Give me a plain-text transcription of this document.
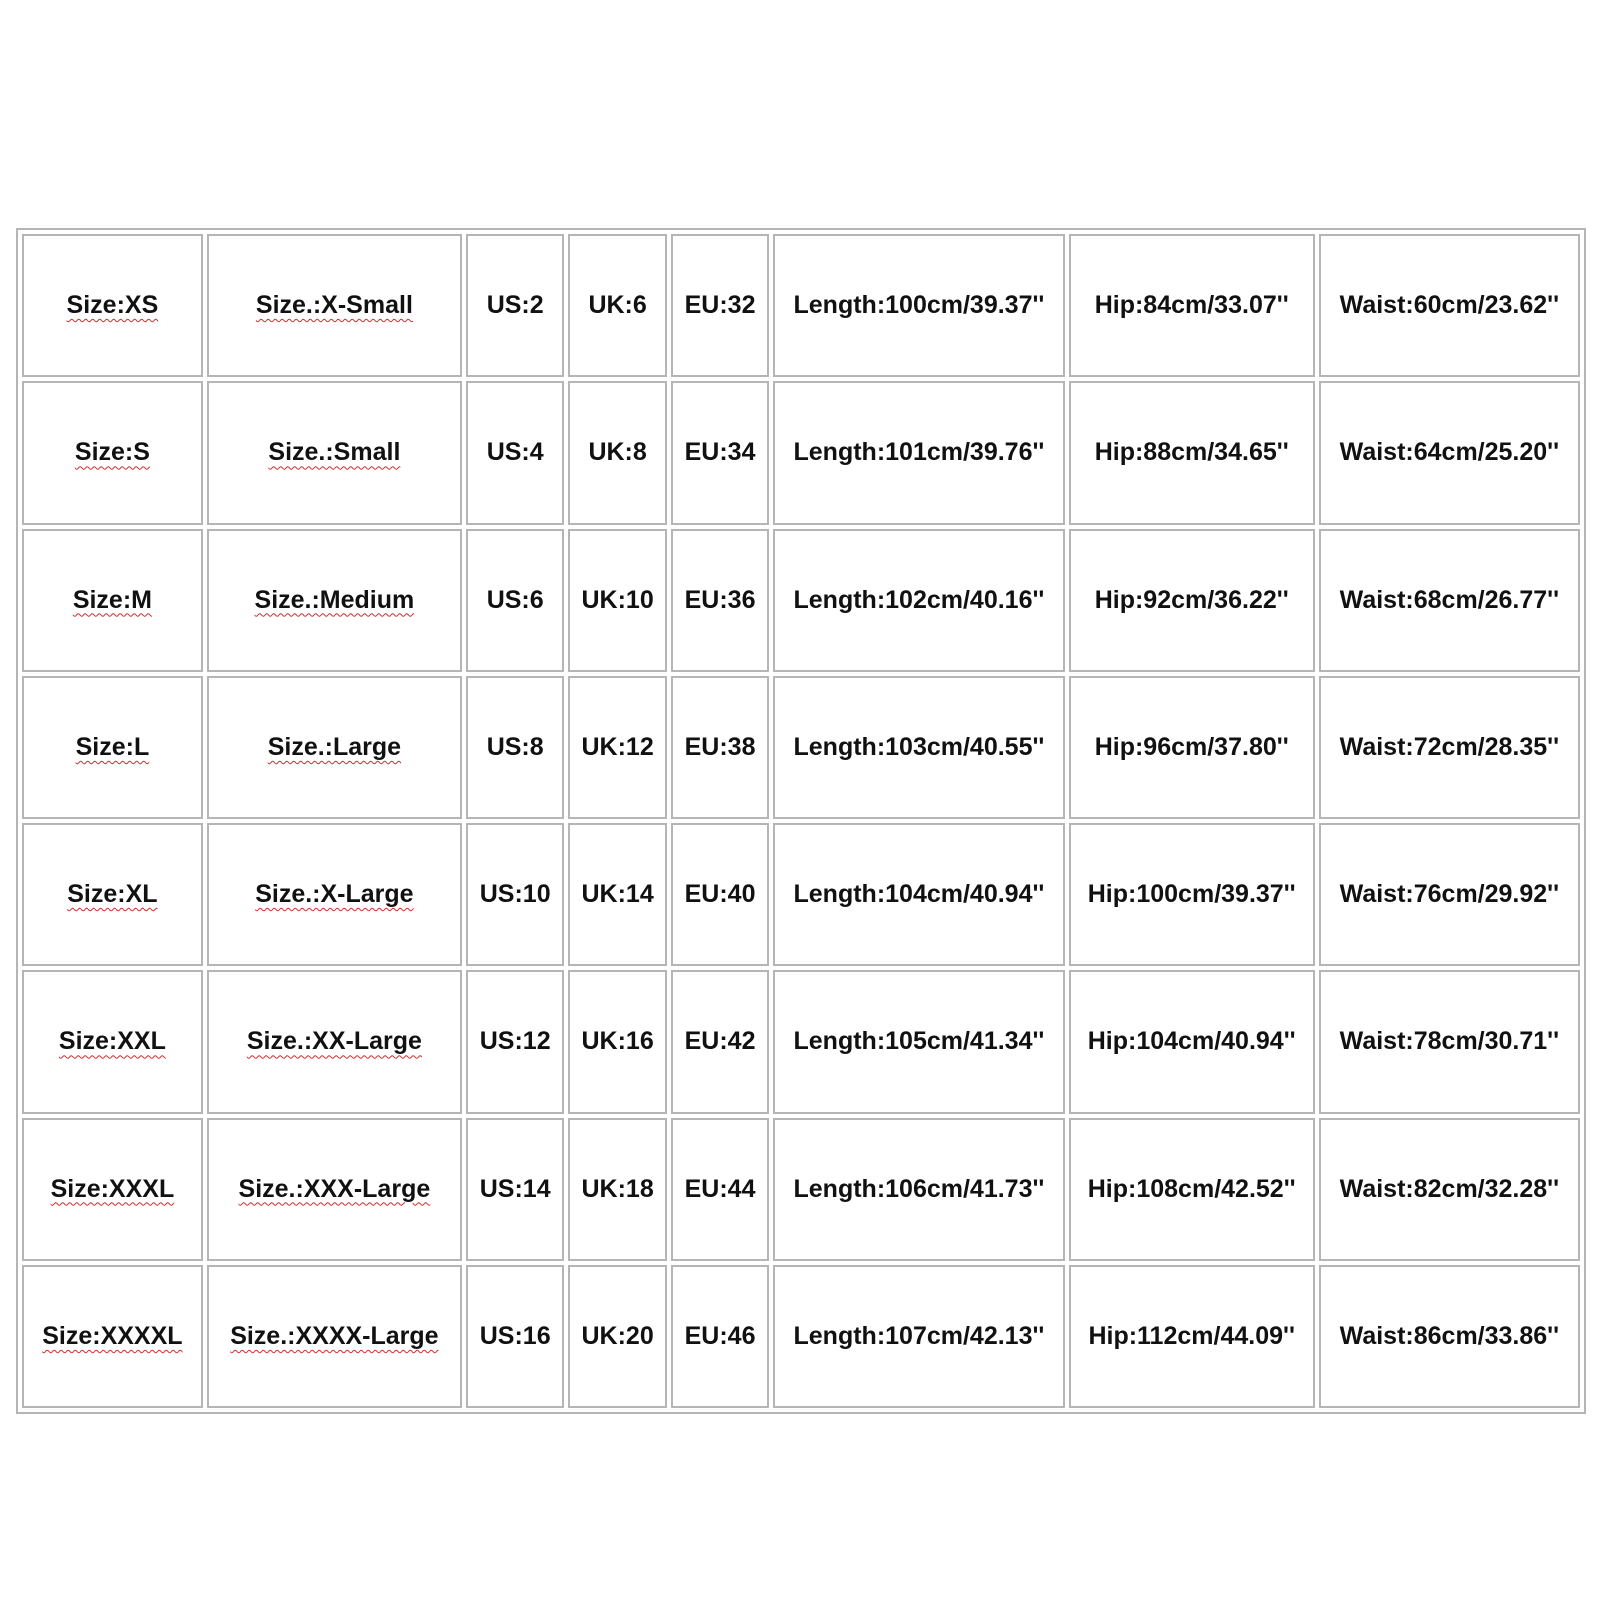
Size:XS	Size.:X-Small	US:2	UK:6	EU:32	Length:100cm/39.37''	Hip:84cm/33.07''	Waist:60cm/23.62''
Size:S	Size.:Small	US:4	UK:8	EU:34	Length:101cm/39.76''	Hip:88cm/34.65''	Waist:64cm/25.20''
Size:M	Size.:Medium	US:6	UK:10	EU:36	Length:102cm/40.16''	Hip:92cm/36.22''	Waist:68cm/26.77''
Size:L	Size.:Large	US:8	UK:12	EU:38	Length:103cm/40.55''	Hip:96cm/37.80''	Waist:72cm/28.35''
Size:XL	Size.:X-Large	US:10	UK:14	EU:40	Length:104cm/40.94''	Hip:100cm/39.37''	Waist:76cm/29.92''
Size:XXL	Size.:XX-Large	US:12	UK:16	EU:42	Length:105cm/41.34''	Hip:104cm/40.94''	Waist:78cm/30.71''
Size:XXXL	Size.:XXX-Large	US:14	UK:18	EU:44	Length:106cm/41.73''	Hip:108cm/42.52''	Waist:82cm/32.28''
Size:XXXXL	Size.:XXXX-Large	US:16	UK:20	EU:46	Length:107cm/42.13''	Hip:112cm/44.09''	Waist:86cm/33.86''
